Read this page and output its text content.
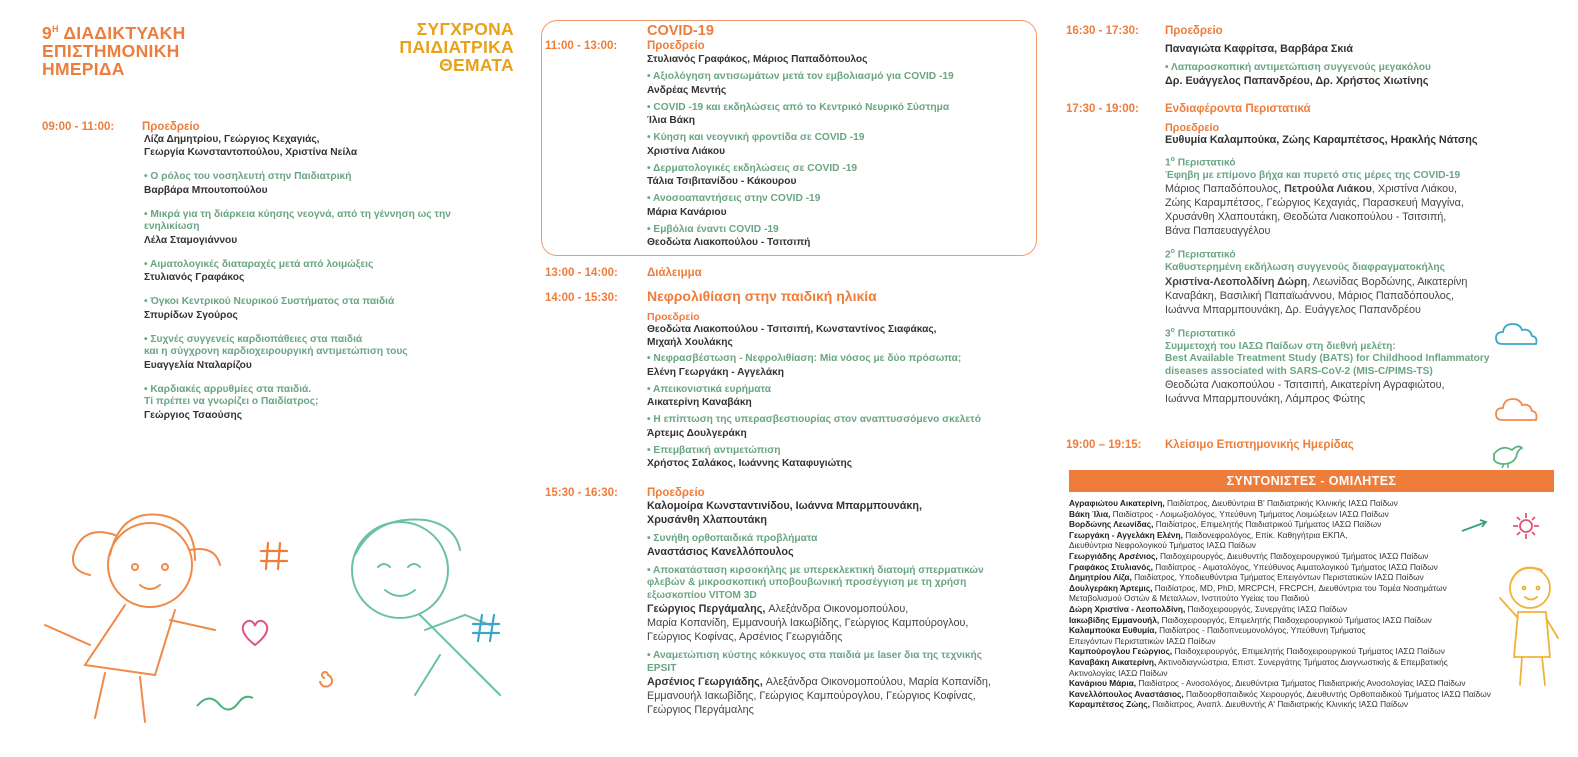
$9^H$ ΔΙΑΔΙΚΤΥΑΚΗ
ΕΠΙΣΤΗΜΟΝΙΚΗ
ΗΜΕΡΙΔΑ
ΣΥΓΧΡΟΝΑ
ΠΑΙΔΙΑΤΡΙΚΑ
ΘΕΜΑΤΑ
09:00 - 11:00: Προεδρείο
Λίζα Δημητρίου, Γεώργιος Κεχαγιάς,
Γεωργία Κωνσταντοπούλου, Χριστίνα Νείλα
• Ο ρόλος του νοσηλευτή στην Παιδιατρική
Βαρβάρα Μπουτοπούλου
• Μικρά για τη διάρκεια κύησης νεογνά, από τη γέννηση ως την
ενηλικίωση
Λέλα Σταμογιάννου
• Αιματολογικές διαταραχές μετά από λοιμώξεις
Στυλιανός Γραφάκος
• Όγκοι Κεντρικού Νευρικού Συστήματος στα παιδιά
Σπυρίδων Σγούρος
• Συχνές συγγενείς καρδιοπάθειες στα παιδιά
και η σύγχρονη καρδιοχειρουργική αντιμετώπιση τους
Ευαγγελία Νταλαρίζου
• Καρδιακές αρρυθμίες στα παιδιά.
Τί πρέπει να γνωρίζει ο Παιδίατρος;
Γεώργιος Τσαούσης
COVID-19
11:00 - 13:00:	Προεδρείο
Στυλιανός Γραφάκος, Μάριος Παπαδόπουλος
• Αξιολόγηση αντισωμάτων μετά τον εμβολιασμό για COVID -19
Ανδρέας Μεντής
• COVID -19 και εκδηλώσεις από το Κεντρικό Νευρικό Σύστημα
Ίλια Βάκη
• Κύηση και νεογνική φροντίδα σε COVID -19
Χριστίνα Λιάκου
• Δερματολογικές εκδηλώσεις σε COVID -19
Τάλια Τσιβιτανίδου - Κάκουρου
• Ανοσοαπαντήσεις στην COVID -19
Μάρια Κανάριου
• Εμβόλια έναντι COVID -19
Θεοδώτα Λιακοπούλου - Τσιτσιπή
13:00 - 14:00:	Διάλειμμα
14:00 - 15:30: Νεφρολιθίαση στην παιδική ηλικία
Προεδρείο
Θεοδώτα Λιακοπούλου - Τσιτσιπή, Κωνσταντίνος Σιαφάκας,
Μιχαήλ Χουλάκης
• Νεφρασβέστωση - Νεφρολιθίαση: Μία νόσος με δύο πρόσωπα;
Ελένη Γεωργάκη - Αγγελάκη
• Απεικονιστικά ευρήματα
Αικατερίνη Καναβάκη
• Η επίπτωση της υπερασβεστιουρίας στον αναπτυσσόμενο σκελετό
Άρτεμις Δουλγεράκη
• Επεμβατική αντιμετώπιση
Χρήστος Σαλάκος, Ιωάννης Καταφυγιώτης
15:30 - 16:30:	Προεδρείο
Καλομοίρα Κωνσταντινίδου, Ιωάννα Μπαρμπουνάκη,
Χρυσάνθη Χλαπουτάκη
• Συνήθη ορθοπαιδικά προβλήματα
Αναστάσιος Κανελλόπουλος
• Αποκατάσταση κιρσοκήλης με υπερεκλεκτική διατομή σπερματικών
φλεβών & μικροσκοπική υποβουβωνική προσέγγιση με τη χρήση
εξωσκοπίου VITOM 3D
Γεώργιος Περγάμαλης, Αλεξάνδρα Οικονομοπούλου,
Μαρία Κοπανίδη, Εμμανουήλ Ιακωβίδης, Γεώργιος Καμπούρογλου,
Γεώργιος Κοφίνας, Αρσένιος Γεωργιάδης
• Αναμετώπιση κύστης κόκκυγος στα παιδιά με laser δια της τεχνικής
EPSIT
Αρσένιος Γεωργιάδης, Αλεξάνδρα Οικονομοπούλου, Μαρία Κοπανίδη,
Εμμανουήλ Ιακωβίδης, Γεώργιος Καμπούρογλου, Γεώργιος Κοφίνας,
Γεώργιος Περγάμαλης
16:30 - 17:30: Προεδρείο
Παναγιώτα Καφρίτσα, Βαρβάρα Σκιά
• Λαπαροσκοπική αντιμετώπιση συγγενούς μεγακόλου
Δρ. Ευάγγελος Παπανδρέου, Δρ. Χρήστος Χιωτίνης
17:30 - 19:00: Ενδιαφέροντα Περιστατικά
Προεδρείο
Ευθυμία Καλαμπούκα, Ζώης Καραμπέτσος, Ηρακλής Νάτσης
$1^o$ Περιστατικό
Έφηβη με επίμονο βήχα και πυρετό στις μέρες της COVID-19
Μάριος Παπαδόπουλος, Πετρούλα Λιάκου, Χριστίνα Λιάκου,
Ζώης Καραμπέτσος, Γεώργιος Κεχαγιάς, Παρασκευή Μαγγίνα,
Χρυσάνθη Χλαπουτάκη, Θεοδώτα Λιακοπούλου - Τσιτσιπή,
Βάνα Παπαευαγγέλου
$2^o$ Περιστατικό
Καθυστερημένη εκδήλωση συγγενούς διαφραγματοκήλης
Χριστίνα-Λεοπολδίνη Δώρη, Λεωνίδας Βορδώνης, Αικατερίνη
Καναβάκη, Βασιλική Παπαϊωάννου, Μάριος Παπαδόπουλος,
Ιωάννα Μπαρμπουνάκη, Δρ. Ευάγγελος Παπανδρέου
$3^o$ Περιστατικό
Συμμετοχή του ΙΑΣΩ Παίδων στη διεθνή μελέτη:
Best Available Treatment Study (BATS) for Childhood Inflammatory
diseases associated with SARS-CoV-2 (MIS-C/PIMS-TS)
Θεοδώτα Λιακοπούλου - Τσιτσιπή, Αικατερίνη Αγραφιώτου,
Ιωάννα Μπαρμπουνάκη, Λάμπρος Φώτης
19:00 – 19:15: Κλείσιμο Επιστημονικής Ημερίδας
ΣΥΝΤΟΝΙΣΤΕΣ - ΟΜΙΛΗΤΕΣ
Αγραφιώτου Αικατερίνη, Παιδίατρος, Διευθύντρια Β' Παιδιατρικής Κλινικής ΙΑΣΩ Παίδων
Βάκη Ίλια, Παιδίατρος - Λοιμωξιολόγος, Υπεύθυνη Τμήματος Λοιμώξεων ΙΑΣΩ Παίδων
Βορδώνης Λεωνίδας, Παιδίατρος, Επιμελητής Παιδιατρικού Τμήματος ΙΑΣΩ Παίδων
Γεωργάκη - Αγγελάκη Ελένη, Παιδονεφρολόγος, Επίκ. Καθηγήτρια ΕΚΠΑ,
Διευθύντρια Νεφρολογικού Τμήματος ΙΑΣΩ Παίδων
Γεωργιάδης Αρσένιος, Παιδοχειρουργός, Διευθυντής Παιδοχειρουργικού Τμήματος ΙΑΣΩ Παίδων
Γραφάκος Στυλιανός, Παιδίατρος - Αιματολόγος, Υπεύθυνος Αιματολογικού Τμήματος ΙΑΣΩ Παίδων
Δημητρίου Λίζα, Παιδίατρος, Υποδιευθύντρια Τμήματος Επειγόντων Περιστατικών ΙΑΣΩ Παίδων
Δουλγεράκη Άρτεμις, Παιδίατρος, MD, PhD, MRCPCH, FRCPCH, Διευθύντρια του Τομέα Νοσημάτων
Μεταβολισμού Οστών & Μεταλλων, Ινστιτούτο Υγείας του Παιδιού
Δώρη Χριστίνα - Λεοπολδίνη, Παιδοχειρουργός, Συνεργάτις ΙΑΣΩ Παίδων
Ιακωβίδης Εμμανουήλ, Παιδοχειρουργός, Επιμελητής Παιδοχειρουργικού Τμήματος ΙΑΣΩ Παίδων
Καλαμπούκα Ευθυμία, Παιδίατρος - Παιδοπνευμονολόγος, Υπεύθυνη Τμήματος
Επειγόντων Περιστατικών ΙΑΣΩ Παίδων
Καμπούρογλου Γεώργιος, Παιδοχειρουργός, Επιμελητής Παιδοχειρουργικού Τμήματος ΙΑΣΩ Παίδων
Καναβάκη Αικατερίνη, Ακτινοδιαγνώστρια, Επιστ. Συνεργάτης Τμήματος Διαγνωστικής & Επεμβατικής
Ακτινολογίας ΙΑΣΩ Παίδων
Κανάριου Μάρια, Παιδίατρος - Ανοσολόγος, Διευθύντρια Τμήματος Παιδιατρικής Ανοσολογίας ΙΑΣΩ Παίδων
Κανελλόπουλος Αναστάσιος, Παιδοορθοπαιδικός Χειρουργός, Διευθυντής Ορθοπαιδικού Τμήματος ΙΑΣΩ Παίδων
Καραμπέτσος Ζώης, Παιδίατρος, Αναπλ. Διευθυντής Α' Παιδιατρικής Κλινικής ΙΑΣΩ Παίδων
